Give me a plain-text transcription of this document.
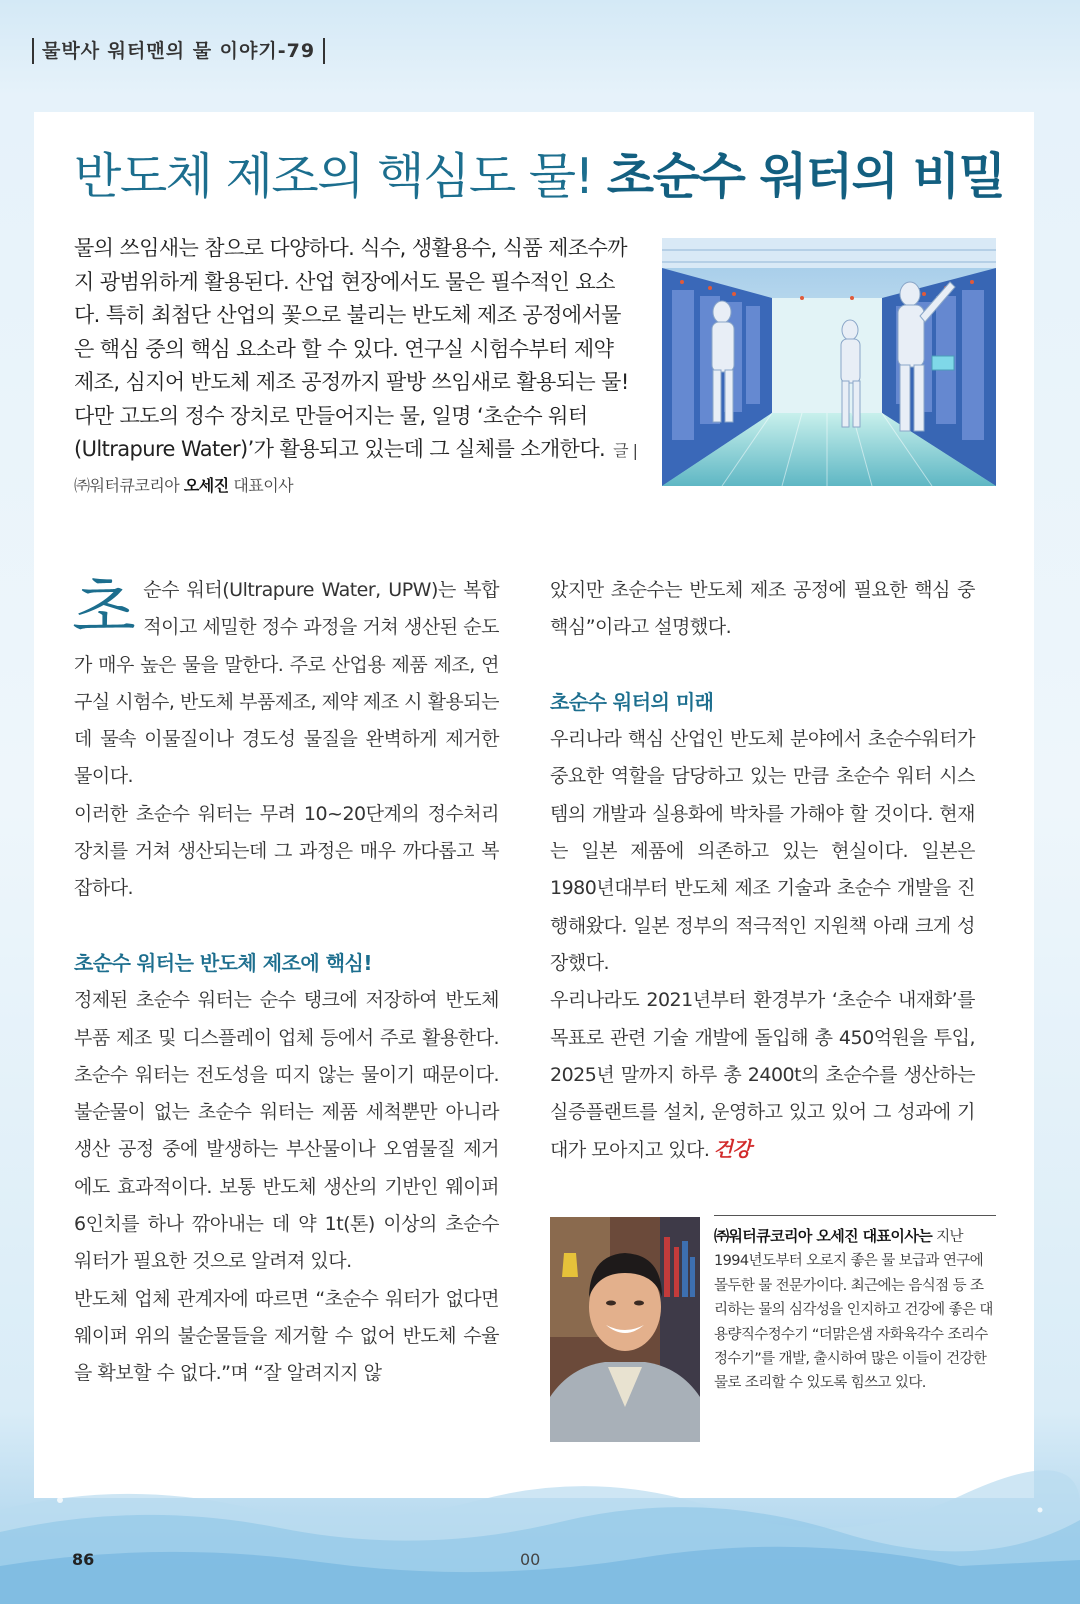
물박사 워터맨의 물 이야기-79
반도체 제조의 핵심도 물! 초순수 워터의 비밀

물의 쓰임새는 참으로 다양하다. 식수, 생활용수, 식품 제조수까지 광범위하게 활용된다. 산업 현장에서도 물은 필수적인 요소다. 특히 최첨단 산업의 꽃으로 불리는 반도체 제조 공정에서물은 핵심 중의 핵심 요소라 할 수 있다. 연구실 시험수부터 제약 제조, 심지어 반도체 제조 공정까지 팔방 쓰임새로 활용되는 물! 다만 고도의 정수 장치로 만들어지는 물, 일명 ‘초순수 워터(Ultrapure Water)’가 활용되고 있는데 그 실체를 소개한다. 글 | ㈜워터큐코리아 오세진 대표이사

초순수 워터(Ultrapure Water, UPW)는 복합적이고 세밀한 정수 과정을 거쳐 생산된 순도가 매우 높은 물을 말한다. 주로 산업용 제품 제조, 연구실 시험수, 반도체 부품제조, 제약 제조 시 활용되는데 물속 이물질이나 경도성 물질을 완벽하게 제거한 물이다.

이러한 초순수 워터는 무려 10~20단계의 정수처리 장치를 거쳐 생산되는데 그 과정은 매우 까다롭고 복잡하다.

초순수 워터는 반도체 제조에 핵심!

정제된 초순수 워터는 순수 탱크에 저장하여 반도체 부품 제조 및 디스플레이 업체 등에서 주로 활용한다. 초순수 워터는 전도성을 띠지 않는 물이기 때문이다. 불순물이 없는 초순수 워터는 제품 세척뿐만 아니라 생산 공정 중에 발생하는 부산물이나 오염물질 제거에도 효과적이다. 보통 반도체 생산의 기반인 웨이퍼 6인치를 하나 깎아내는 데 약 1t(톤) 이상의 초순수 워터가 필요한 것으로 알려져 있다.

반도체 업체 관계자에 따르면 “초순수 워터가 없다면 웨이퍼 위의 불순물들을 제거할 수 없어 반도체 수율을 확보할 수 없다.”며 “잘 알려지지 않

았지만 초순수는 반도체 제조 공정에 필요한 핵심 중 핵심”이라고 설명했다.

초순수 워터의 미래

우리나라 핵심 산업인 반도체 분야에서 초순수워터가 중요한 역할을 담당하고 있는 만큼 초순수 워터 시스템의 개발과 실용화에 박차를 가해야 할 것이다. 현재는 일본 제품에 의존하고 있는 현실이다. 일본은 1980년대부터 반도체 제조 기술과 초순수 개발을 진행해왔다. 일본 정부의 적극적인 지원책 아래 크게 성장했다.

우리나라도 2021년부터 환경부가 ‘초순수 내재화’를 목표로 관련 기술 개발에 돌입해 총 450억원을 투입, 2025년 말까지 하루 총 2400t의 초순수를 생산하는 실증플랜트를 설치, 운영하고 있고 있어 그 성과에 기대가 모아지고 있다. 건강

㈜워터큐코리아 오세진 대표이사는 지난 1994년도부터 오로지 좋은 물 보급과 연구에 몰두한 물 전문가이다. 최근에는 음식점 등 조리하는 물의 심각성을 인지하고 건강에 좋은 대용량직수정수기 “더맑은샘 자화육각수 조리수정수기”를 개발, 출시하여 많은 이들이 건강한 물로 조리할 수 있도록 힘쓰고 있다.
86	00
